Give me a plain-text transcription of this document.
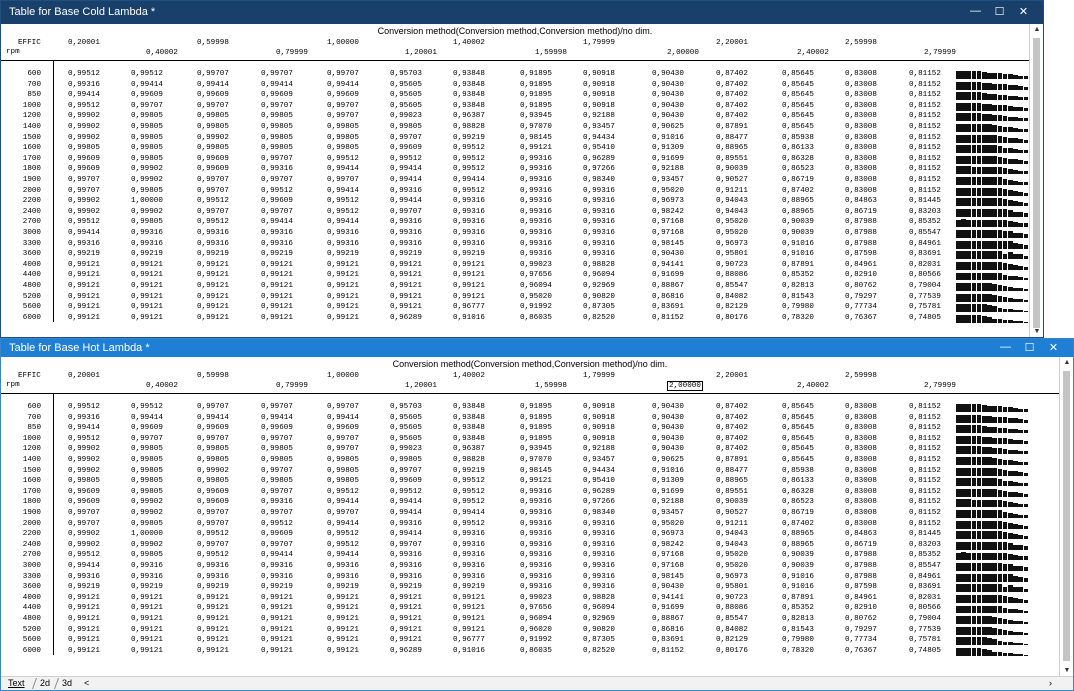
Table for Base Cold Lambda *	—	☐	✕
Conversion method(Conversion method,Conversion method)/no dim.
EFFIC
rpm
0,20001	0,59998	1,00000	1,40002	1,79999	2,20001	2,59998
0,40002	0,79999	1,20001	1,59998	2,00000	2,40002	2,79999
600	0,99512	0,99512	0,99707	0,99707	0,99707	0,95703	0,93848	0,91895	0,90918	0,90430	0,87402	0,85645	0,83008	0,81152
700	0,99316	0,99414	0,99414	0,99414	0,99414	0,95605	0,93848	0,91895	0,90918	0,90430	0,87402	0,85645	0,83008	0,81152
850	0,99414	0,99609	0,99609	0,99609	0,99609	0,95605	0,93848	0,91895	0,90918	0,90430	0,87402	0,85645	0,83008	0,81152
1000	0,99512	0,99707	0,99707	0,99707	0,99707	0,95605	0,93848	0,91895	0,90918	0,90430	0,87402	0,85645	0,83008	0,81152
1200	0,99902	0,99805	0,99805	0,99805	0,99707	0,99023	0,96387	0,93945	0,92188	0,90430	0,87402	0,85645	0,83008	0,81152
1400	0,99902	0,99805	0,99805	0,99805	0,99805	0,99805	0,98828	0,97070	0,93457	0,90625	0,87891	0,85645	0,83008	0,81152
1500	0,99902	0,99805	0,99902	0,99805	0,99805	0,99707	0,99219	0,98145	0,94434	0,91016	0,88477	0,85938	0,83008	0,81152
1600	0,99805	0,99805	0,99805	0,99805	0,99805	0,99609	0,99512	0,99121	0,95410	0,91309	0,88965	0,86133	0,83008	0,81152
1700	0,99609	0,99805	0,99609	0,99707	0,99512	0,99512	0,99512	0,99316	0,96289	0,91699	0,89551	0,86328	0,83008	0,81152
1800	0,99609	0,99902	0,99609	0,99316	0,99414	0,99414	0,99512	0,99316	0,97266	0,92188	0,90039	0,86523	0,83008	0,81152
1900	0,99707	0,99902	0,99707	0,99707	0,99707	0,99414	0,99414	0,99316	0,98340	0,93457	0,90527	0,86719	0,83008	0,81152
2000	0,99707	0,99805	0,99707	0,99512	0,99414	0,99316	0,99512	0,99316	0,99316	0,95020	0,91211	0,87402	0,83008	0,81152
2200	0,99902	1,00000	0,99512	0,99609	0,99512	0,99414	0,99316	0,99316	0,99316	0,96973	0,94043	0,88965	0,84863	0,81445
2400	0,99902	0,99902	0,99707	0,99707	0,99512	0,99707	0,99316	0,99316	0,99316	0,98242	0,94043	0,88965	0,86719	0,83203
2700	0,99512	0,99805	0,99512	0,99414	0,99414	0,99316	0,99316	0,99316	0,99316	0,97168	0,95020	0,90039	0,87988	0,85352
3000	0,99414	0,99316	0,99316	0,99316	0,99316	0,99316	0,99316	0,99316	0,99316	0,97168	0,95020	0,90039	0,87988	0,85547
3300	0,99316	0,99316	0,99316	0,99316	0,99316	0,99316	0,99316	0,99316	0,99316	0,98145	0,96973	0,91016	0,87988	0,84961
3600	0,99219	0,99219	0,99219	0,99219	0,99219	0,99219	0,99219	0,99316	0,99316	0,90430	0,95801	0,91016	0,87598	0,83691
4000	0,99121	0,99121	0,99121	0,99121	0,99121	0,99121	0,99121	0,99023	0,98828	0,94141	0,90723	0,87891	0,84961	0,82031
4400	0,99121	0,99121	0,99121	0,99121	0,99121	0,99121	0,99121	0,97656	0,96094	0,91699	0,88086	0,85352	0,82910	0,80566
4800	0,99121	0,99121	0,99121	0,99121	0,99121	0,99121	0,99121	0,96094	0,92969	0,88867	0,85547	0,82813	0,80762	0,79004
5200	0,99121	0,99121	0,99121	0,99121	0,99121	0,99121	0,99121	0,95020	0,90820	0,86816	0,84082	0,81543	0,79297	0,77539
5600	0,99121	0,99121	0,99121	0,99121	0,99121	0,99121	0,96777	0,91992	0,87305	0,83691	0,82129	0,79980	0,77734	0,75781
6000	0,99121	0,99121	0,99121	0,99121	0,99121	0,96289	0,91016	0,86035	0,82520	0,81152	0,80176	0,78320	0,76367	0,74805
▲
▼
Table for Base Hot Lambda *	—	☐	✕
Conversion method(Conversion method,Conversion method)/no dim.
EFFIC
rpm
0,20001	0,59998	1,00000	1,40002	1,79999	2,20001	2,59998
0,40002	0,79999	1,20001	1,59998	2,00000	2,40002	2,79999
600	0,99512	0,99512	0,99707	0,99707	0,99707	0,95703	0,93848	0,91895	0,90918	0,90430	0,87402	0,85645	0,83008	0,81152
700	0,99316	0,99414	0,99414	0,99414	0,99414	0,95605	0,93848	0,91895	0,90918	0,90430	0,87402	0,85645	0,83008	0,81152
850	0,99414	0,99609	0,99609	0,99609	0,99609	0,95605	0,93848	0,91895	0,90918	0,90430	0,87402	0,85645	0,83008	0,81152
1000	0,99512	0,99707	0,99707	0,99707	0,99707	0,95605	0,93848	0,91895	0,90918	0,90430	0,87402	0,85645	0,83008	0,81152
1200	0,99902	0,99805	0,99805	0,99805	0,99707	0,99023	0,96387	0,93945	0,92188	0,90430	0,87402	0,85645	0,83008	0,81152
1400	0,99902	0,99805	0,99805	0,99805	0,99805	0,99805	0,98828	0,97070	0,93457	0,90625	0,87891	0,85645	0,83008	0,81152
1500	0,99902	0,99805	0,99902	0,99707	0,99805	0,99707	0,99219	0,98145	0,94434	0,91016	0,88477	0,85938	0,83008	0,81152
1600	0,99805	0,99805	0,99805	0,99805	0,99805	0,99609	0,99512	0,99121	0,95410	0,91309	0,88965	0,86133	0,83008	0,81152
1700	0,99609	0,99805	0,99609	0,99707	0,99512	0,99512	0,99512	0,99316	0,96289	0,91699	0,89551	0,86328	0,83008	0,81152
1800	0,99609	0,99902	0,99609	0,99316	0,99414	0,99414	0,99512	0,99316	0,97266	0,92188	0,90039	0,86523	0,83008	0,81152
1900	0,99707	0,99902	0,99707	0,99707	0,99707	0,99414	0,99414	0,99316	0,98340	0,93457	0,90527	0,86719	0,83008	0,81152
2000	0,99707	0,99805	0,99707	0,99512	0,99414	0,99316	0,99512	0,99316	0,99316	0,95020	0,91211	0,87402	0,83008	0,81152
2200	0,99902	1,00000	0,99512	0,99609	0,99512	0,99414	0,99316	0,99316	0,99316	0,96973	0,94043	0,88965	0,84863	0,81445
2400	0,99902	0,99902	0,99707	0,99707	0,99512	0,99707	0,99316	0,99316	0,99316	0,98242	0,94043	0,88965	0,86719	0,83203
2700	0,99512	0,99805	0,99512	0,99414	0,99414	0,99316	0,99316	0,99316	0,99316	0,97168	0,95020	0,90039	0,87988	0,85352
3000	0,99414	0,99316	0,99316	0,99316	0,99316	0,99316	0,99316	0,99316	0,99316	0,97168	0,95020	0,90039	0,87988	0,85547
3300	0,99316	0,99316	0,99316	0,99316	0,99316	0,99316	0,99316	0,99316	0,99316	0,98145	0,96973	0,91016	0,87988	0,84961
3600	0,99219	0,99219	0,99219	0,99219	0,99219	0,99219	0,99219	0,99316	0,99316	0,90430	0,95801	0,91016	0,87598	0,83691
4000	0,99121	0,99121	0,99121	0,99121	0,99121	0,99121	0,99121	0,99023	0,98828	0,94141	0,90723	0,87891	0,84961	0,82031
4400	0,99121	0,99121	0,99121	0,99121	0,99121	0,99121	0,99121	0,97656	0,96094	0,91699	0,88086	0,85352	0,82910	0,80566
4800	0,99121	0,99121	0,99121	0,99121	0,99121	0,99121	0,99121	0,96094	0,92969	0,88867	0,85547	0,82813	0,80762	0,79004
5200	0,99121	0,99121	0,99121	0,99121	0,99121	0,99121	0,99121	0,96020	0,90820	0,86816	0,84082	0,81543	0,79297	0,77539
5600	0,99121	0,99121	0,99121	0,99121	0,99121	0,99121	0,96777	0,91992	0,87305	0,83691	0,82129	0,79980	0,77734	0,75781
6000	0,99121	0,99121	0,99121	0,99121	0,99121	0,96289	0,91016	0,86035	0,82520	0,81152	0,80176	0,78320	0,76367	0,74805
▲
▼
Text	2d	3d	<	›
